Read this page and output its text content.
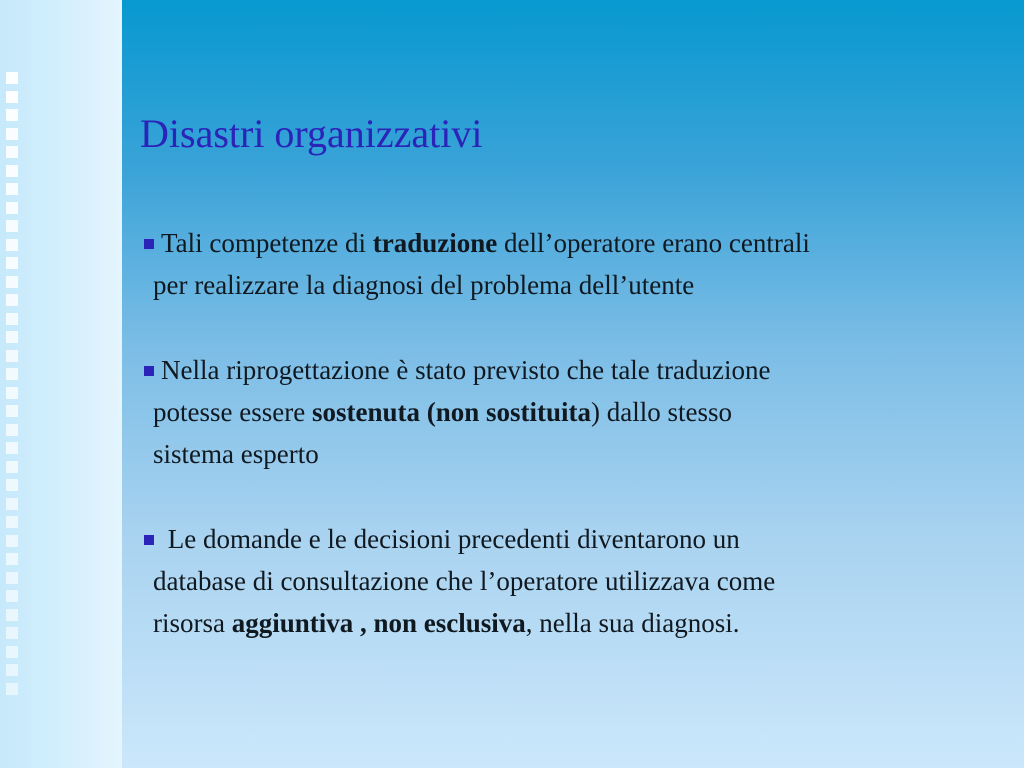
Disastri organizzativi
Tali competenze di traduzione dell’operatore erano centrali
per realizzare la diagnosi del problema dell’utente
Nella riprogettazione è stato previsto che tale traduzione
potesse essere sostenuta (non sostituita) dallo stesso
sistema esperto
Le domande e le decisioni precedenti diventarono un
database di consultazione che l’operatore utilizzava come
risorsa aggiuntiva , non esclusiva, nella sua diagnosi.
